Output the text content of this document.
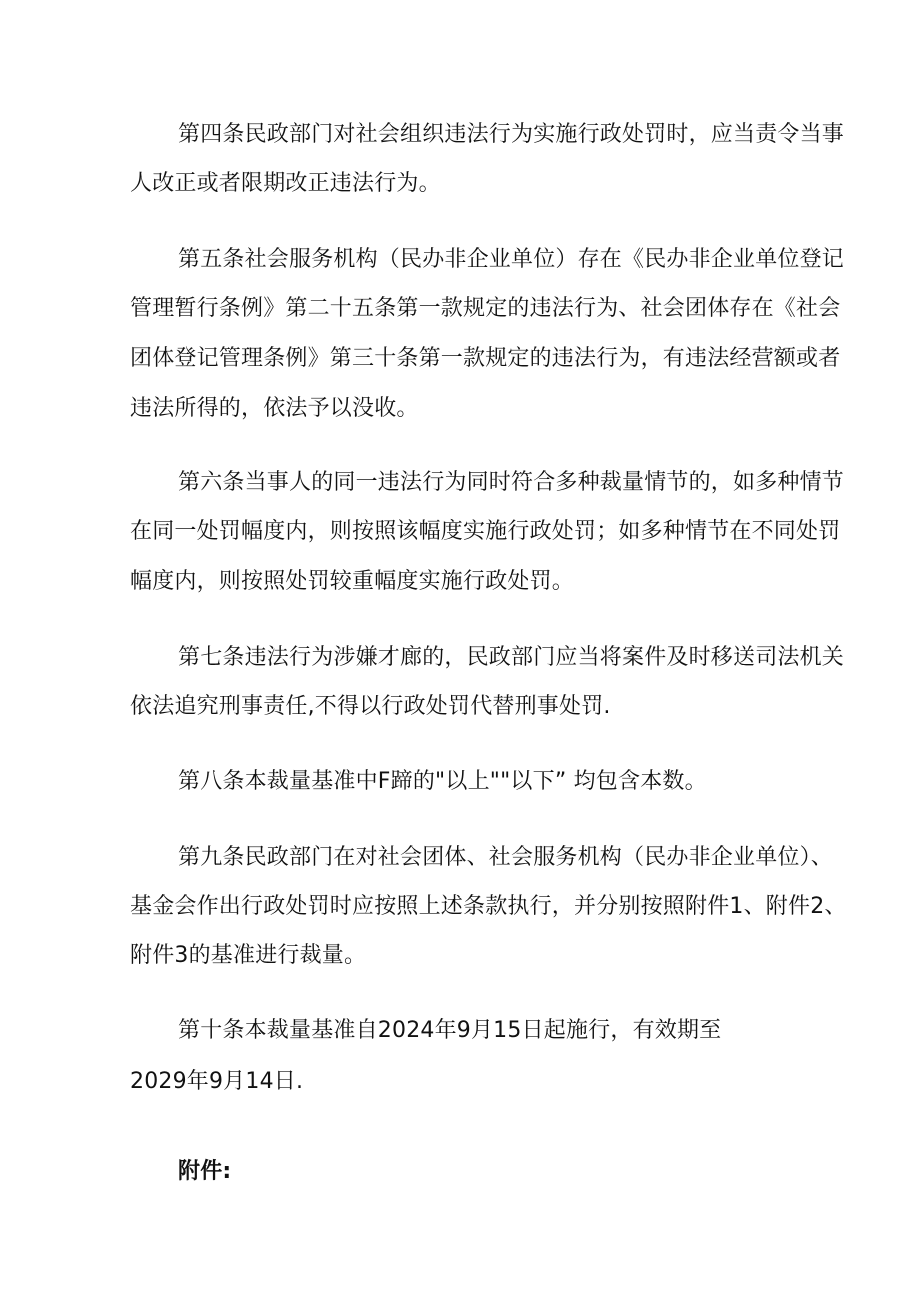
第四条民政部门对社会组织违法行为实施行政处罚时，应当责令当事
人改正或者限期改正违法行为。
第五条社会服务机构（民办非企业单位）存在《民办非企业单位登记
管理暂行条例》第二十五条第一款规定的违法行为、社会团体存在《社会
团体登记管理条例》第三十条第一款规定的违法行为，有违法经营额或者
违法所得的，依法予以没收。
第六条当事人的同一违法行为同时符合多种裁量情节的，如多种情节
在同一处罚幅度内，则按照该幅度实施行政处罚；如多种情节在不同处罚
幅度内，则按照处罚较重幅度实施行政处罚。
第七条违法行为涉嫌才廊的，民政部门应当将案件及时移送司法机关
依法追究刑事责任,不得以行政处罚代替刑事处罚.
第八条本裁量基准中F蹄的"以上""以下” 均包含本数。
第九条民政部门在对社会团体、社会服务机构（民办非企业单位）、
基金会作出行政处罚时应按照上述条款执行，并分别按照附件1、附件2、
附件3的基准进行裁量。
第十条本裁量基准自2024年9月15日起施行，有效期至
2029年9月14日.
附件:
